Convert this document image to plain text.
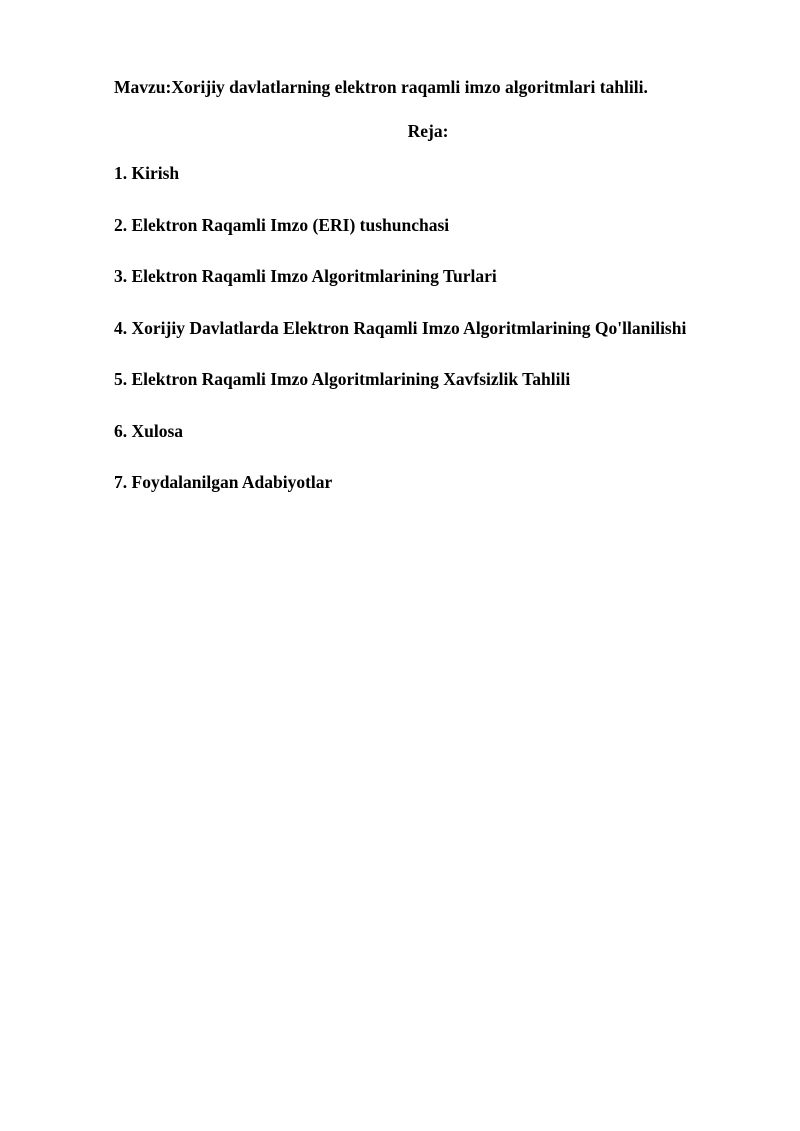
Mavzu:Xorijiy davlatlarning elektron raqamli imzo algoritmlari tahlili.
Reja:
1. Kirish
2. Elektron Raqamli Imzo (ERI) tushunchasi
3. Elektron Raqamli Imzo Algoritmlarining Turlari
4. Xorijiy Davlatlarda Elektron Raqamli Imzo Algoritmlarining Qo'llanilishi
5. Elektron Raqamli Imzo Algoritmlarining Xavfsizlik Tahlili
6. Xulosa
7. Foydalanilgan Adabiyotlar
